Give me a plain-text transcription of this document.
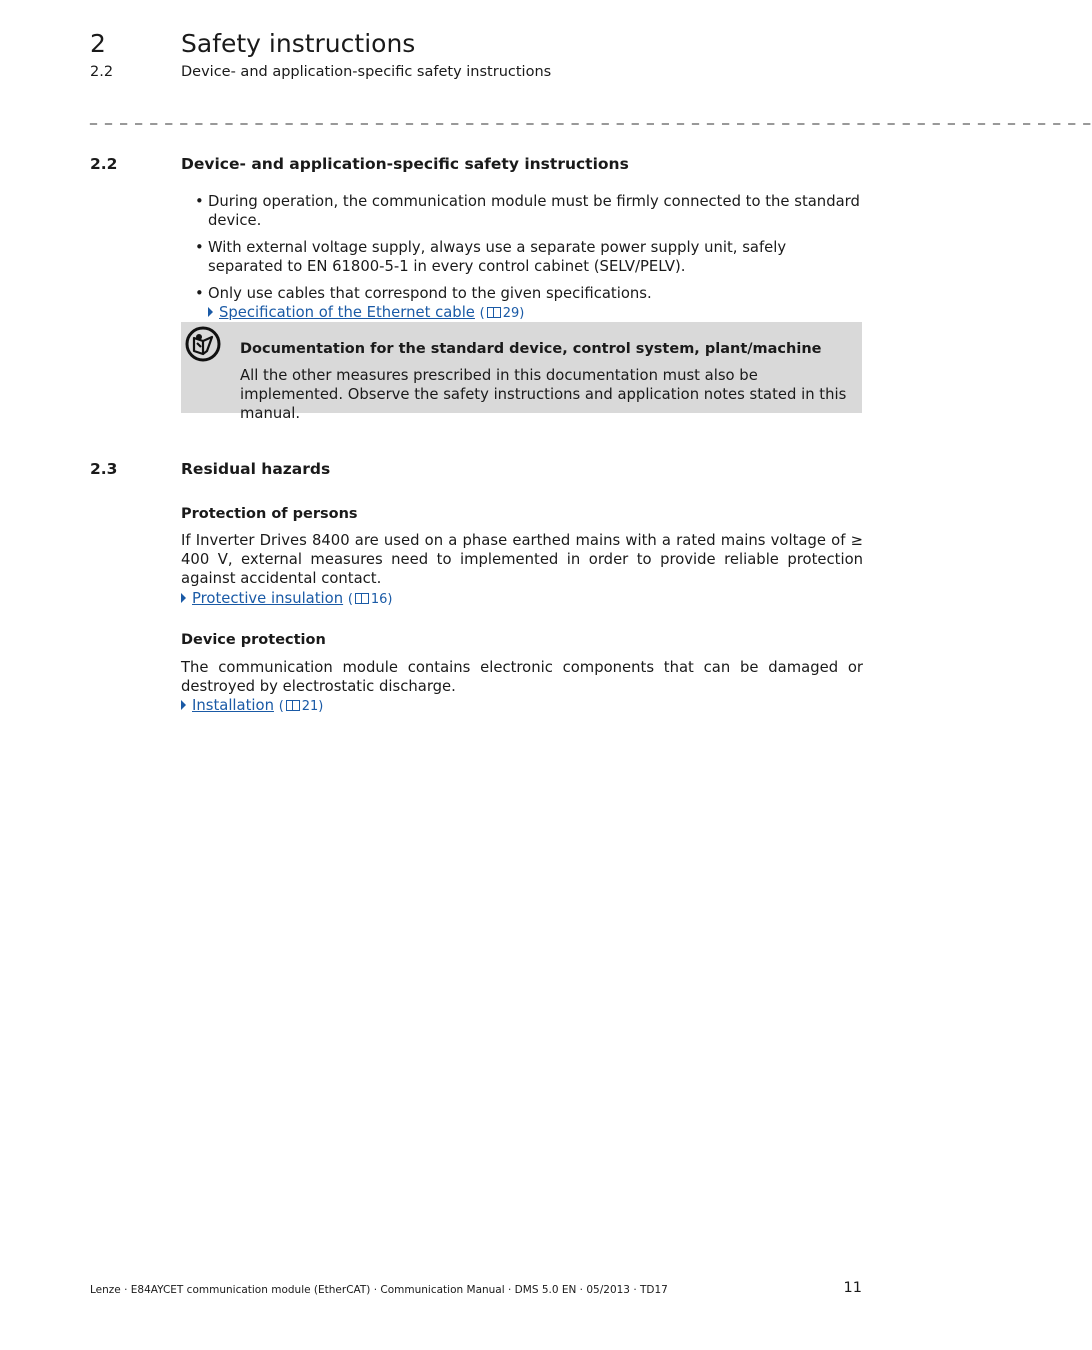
2	Safety instructions
2.2	Device- and application-specific safety instructions
_ _ _ _ _ _ _ _ _ _ _ _ _ _ _ _ _ _ _ _ _ _ _ _ _ _ _ _ _ _ _ _ _ _ _ _ _ _ _ _ _ _ _ _ _ _ _ _ _ _ _ _ _ _ _ _ _ _ _ _ _ _ _ _ _ _ _
2.2	Device- and application-specific safety instructions
• During operation, the communication module must be firmly connected to the standard device.
• With external voltage supply, always use a separate power supply unit, safely separated to EN 61800-5-1 in every control cabinet (SELV/PELV).
• Only use cables that correspond to the given specifications.
Specification of the Ethernet cable ( 29)
Documentation for the standard device, control system, plant/machine
All the other measures prescribed in this documentation must also be implemented. Observe the safety instructions and application notes stated in this manual.
2.3	Residual hazards
Protection of persons
If Inverter Drives 8400 are used on a phase earthed mains with a rated mains voltage of ≥ 400 V, external measures need to implemented in order to provide reliable protection against accidental contact.
Protective insulation ( 16)
Device protection
The communication module contains electronic components that can be damaged or destroyed by electrostatic discharge.
Installation ( 21)
Lenze · E84AYCET communication module (EtherCAT) · Communication Manual · DMS 5.0 EN · 05/2013 · TD17	11
